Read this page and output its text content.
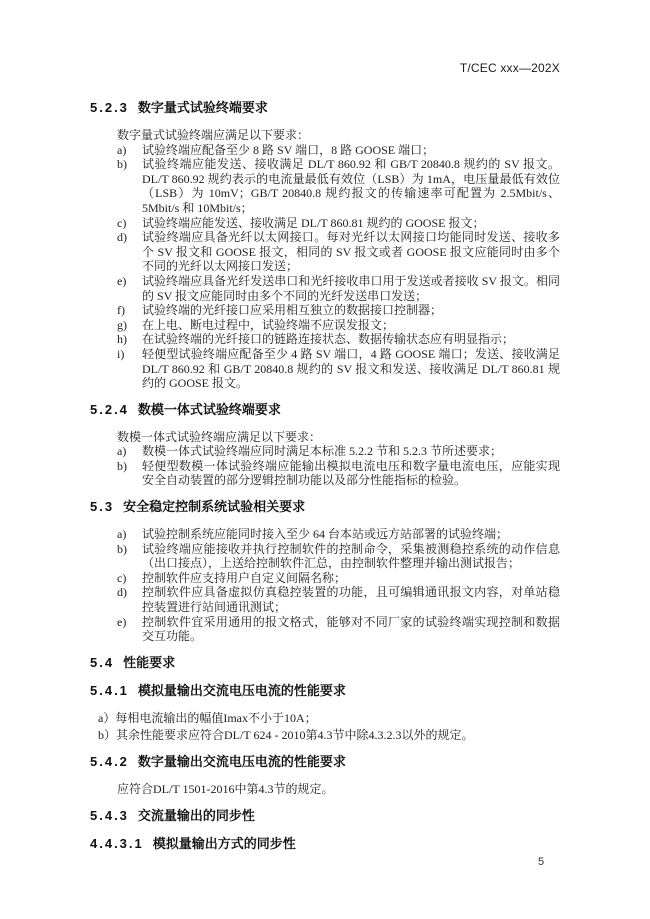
T/CEC xxx—202X
5.2.3 数字量式试验终端要求

数字量式试验终端应满足以下要求：

a)	试验终端应配备至少 8 路 SV 端口，8 路 GOOSE 端口；
b)	试验终端应能发送、接收满足 DL/T 860.92 和 GB/T 20840.8 规约的 SV 报文。DL/T 860.92 规约表示的电流量最低有效位（LSB）为 1mA，电压量最低有效位（LSB）为 10mV；GB/T 20840.8 规约报文的传输速率可配置为 2.5Mbit/s、5Mbit/s 和 10Mbit/s；
c)	试验终端应能发送、接收满足 DL/T 860.81 规约的 GOOSE 报文；
d)	试验终端应具备光纤以太网接口。每对光纤以太网接口均能同时发送、接收多个 SV 报文和 GOOSE 报文，相同的 SV 报文或者 GOOSE 报文应能同时由多个不同的光纤以太网接口发送；
e)	试验终端应具备光纤发送串口和光纤接收串口用于发送或者接收 SV 报文。相同的 SV 报文应能同时由多个不同的光纤发送串口发送；
f)	试验终端的光纤接口应采用相互独立的数据接口控制器；
g)	在上电、断电过程中，试验终端不应误发报文；
h)	在试验终端的光纤接口的链路连接状态、数据传输状态应有明显指示；
i)	轻便型试验终端应配备至少 4 路 SV 端口，4 路 GOOSE 端口；发送、接收满足 DL/T 860.92 和 GB/T 20840.8 规约的 SV 报文和发送、接收满足 DL/T 860.81 规约的 GOOSE 报文。
5.2.4 数模一体式试验终端要求

数模一体式试验终端应满足以下要求：

a)	数模一体式试验终端应同时满足本标准 5.2.2 节和 5.2.3 节所述要求；
b)	轻便型数模一体试验终端应能输出模拟电流电压和数字量电流电压，应能实现安全自动装置的部分逻辑控制功能以及部分性能指标的检验。
5.3 安全稳定控制系统试验相关要求
a)	试验控制系统应能同时接入至少 64 台本站或远方站部署的试验终端；
b)	试验终端应能接收并执行控制软件的控制命令，采集被测稳控系统的动作信息（出口接点），上送给控制软件汇总，由控制软件整理并输出测试报告；
c)	控制软件应支持用户自定义间隔名称；
d)	控制软件应具备虚拟仿真稳控装置的功能，且可编辑通讯报文内容，对单站稳控装置进行站间通讯测试；
e)	控制软件宜采用通用的报文格式，能够对不同厂家的试验终端实现控制和数据交互功能。
5.4 性能要求
5.4.1 模拟量输出交流电压电流的性能要求

a）每相电流输出的幅值Imax不小于10A；

b）其余性能要求应符合DL/T 624 - 2010第4.3节中除4.3.2.3以外的规定。

5.4.2 数字量输出交流电压电流的性能要求

应符合DL/T 1501-2016中第4.3节的规定。

5.4.3 交流量输出的同步性
4.4.3.1 模拟量输出方式的同步性
5
